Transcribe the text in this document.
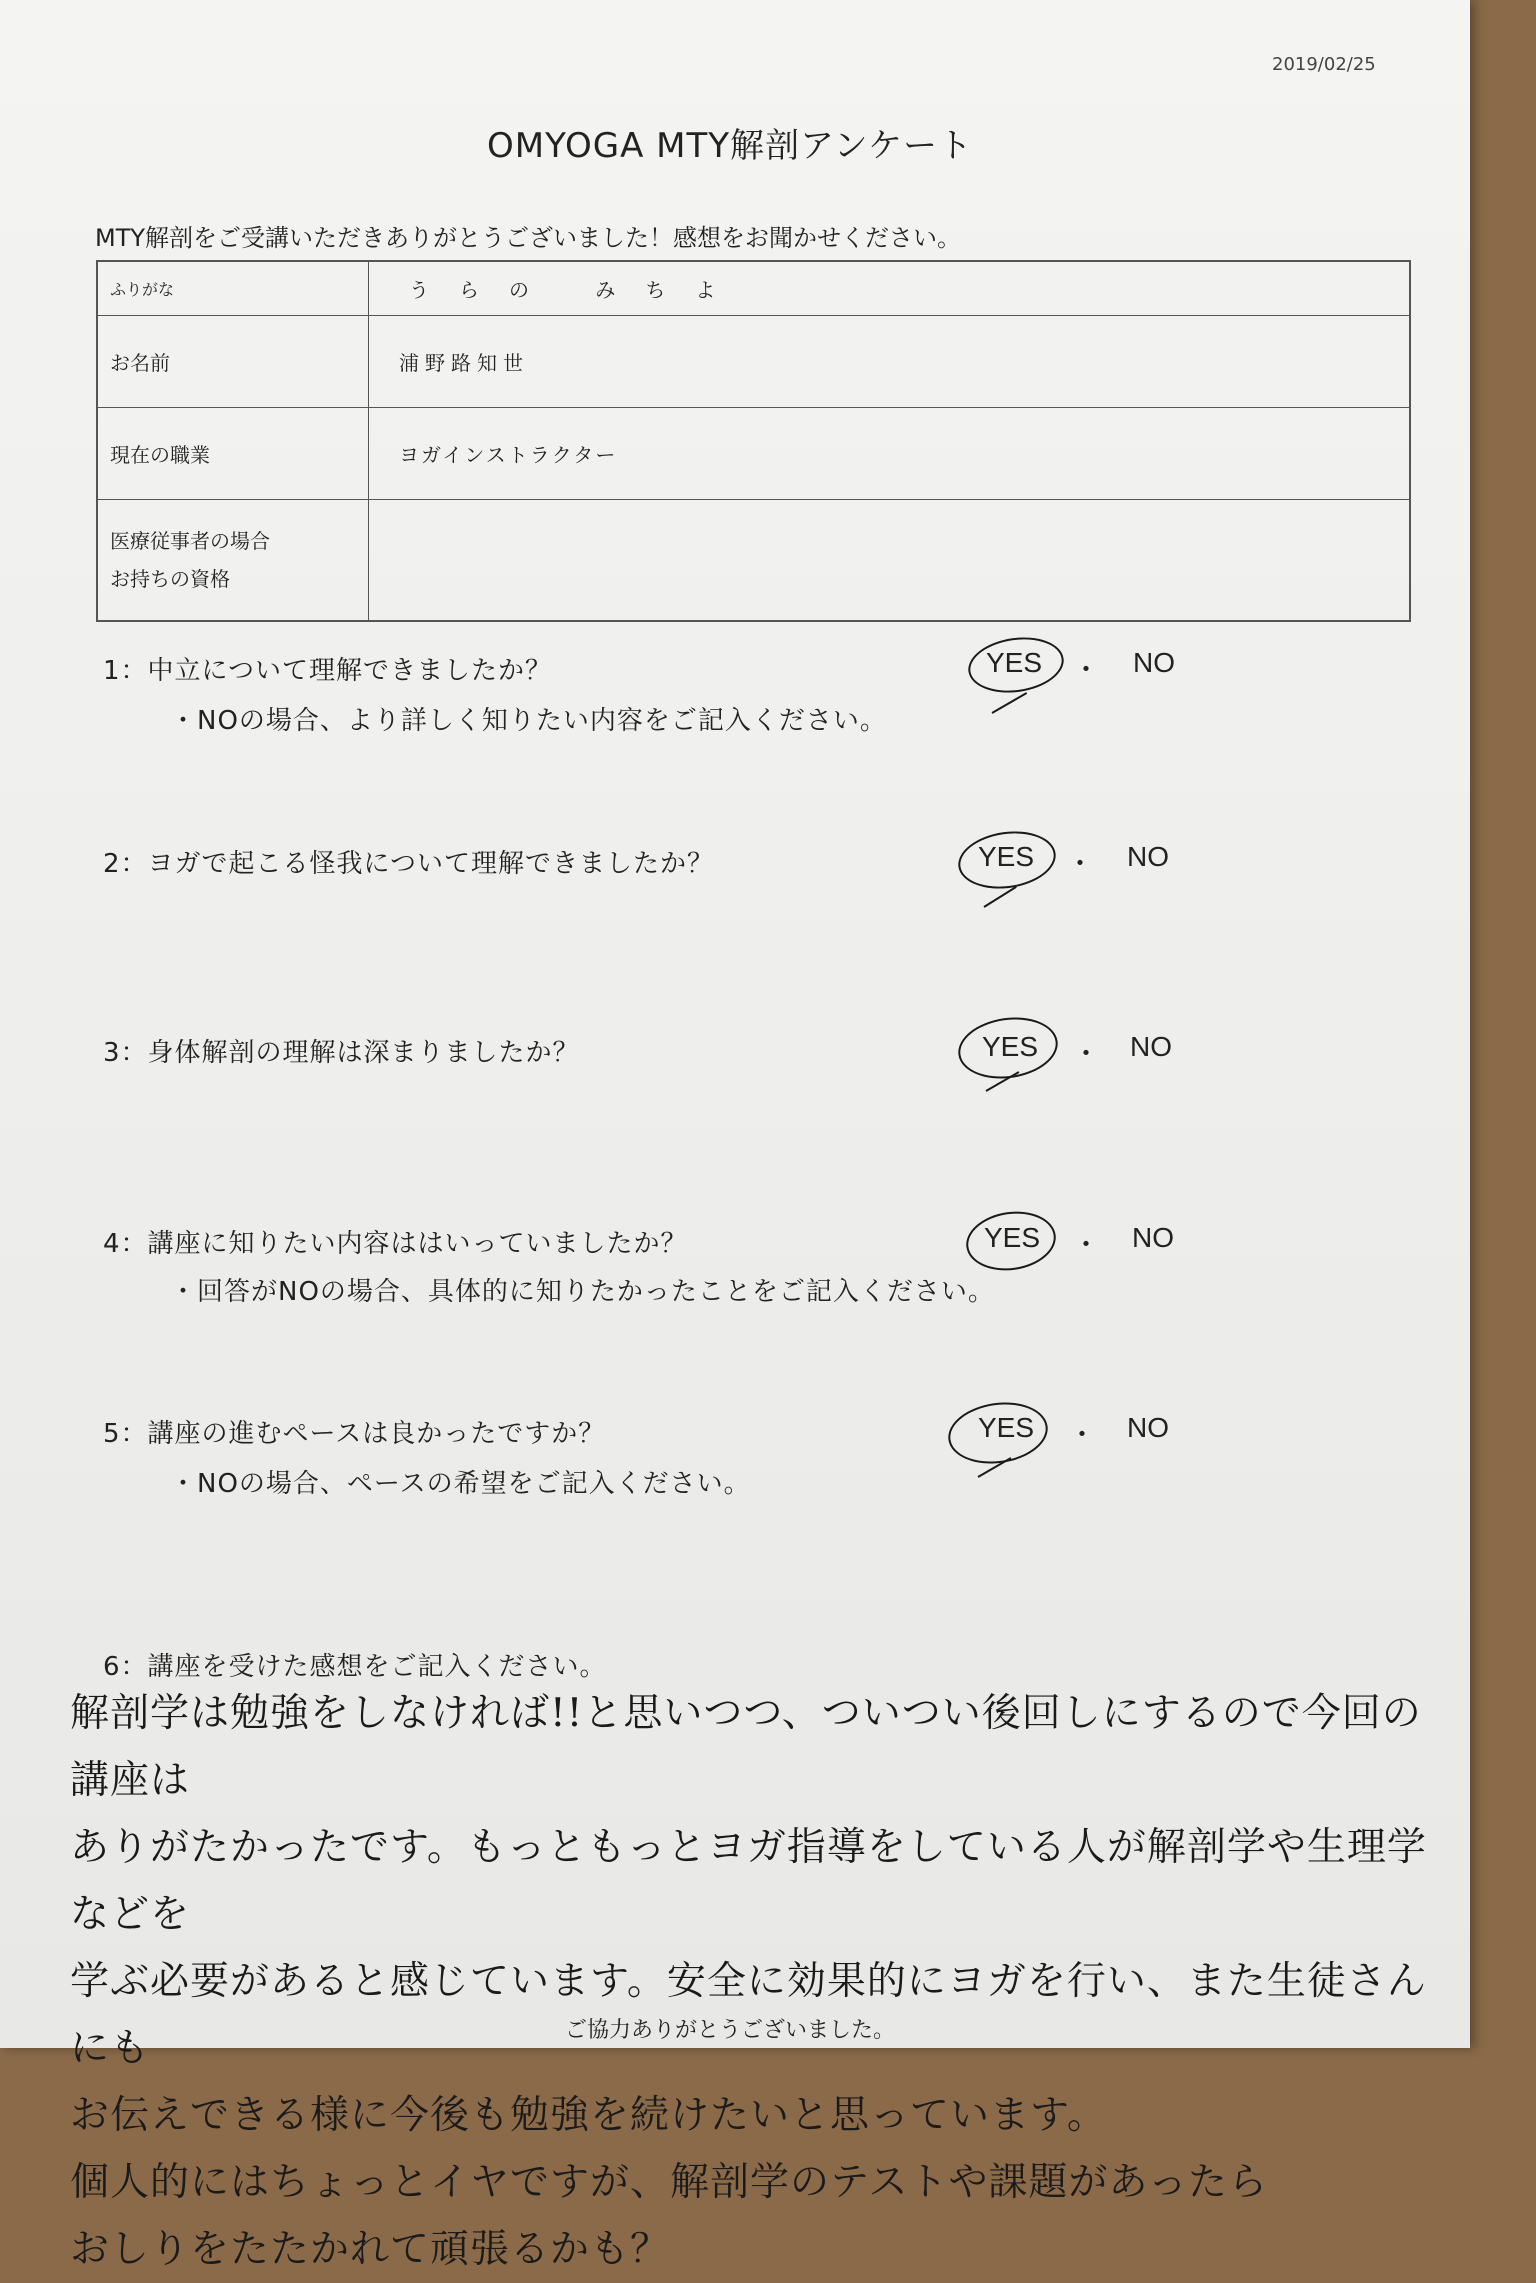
2019/02/25
OMYOGA MTY解剖アンケート
MTY解剖をご受講いただきありがとうございました！感想をお聞かせください。
ふりがな	うらの みちよ
お名前	浦野路知世
現在の職業	ヨガインストラクター
医療従事者の場合
お持ちの資格	
1：中立について理解できましたか？
・NOの場合、より詳しく知りたい内容をご記入ください。
YES ・ NO
2：ヨガで起こる怪我について理解できましたか？	YES ・ NO
3：身体解剖の理解は深まりましたか？	YES ・ NO
4：講座に知りたい内容ははいっていましたか？
・回答がNOの場合、具体的に知りたかったことをご記入ください。
YES ・ NO
5：講座の進むペースは良かったですか？
・NOの場合、ペースの希望をご記入ください。
YES ・ NO
6：講座を受けた感想をご記入ください。
解剖学は勉強をしなければ!!と思いつつ、ついつい後回しにするので今回の講座は
ありがたかったです。もっともっとヨガ指導をしている人が解剖学や生理学などを
学ぶ必要があると感じています。安全に効果的にヨガを行い、また生徒さんにも
お伝えできる様に今後も勉強を続けたいと思っています。
個人的にはちょっとイヤですが、解剖学のテストや課題があったら
おしりをたたかれて頑張るかも？
ご協力ありがとうございました。
